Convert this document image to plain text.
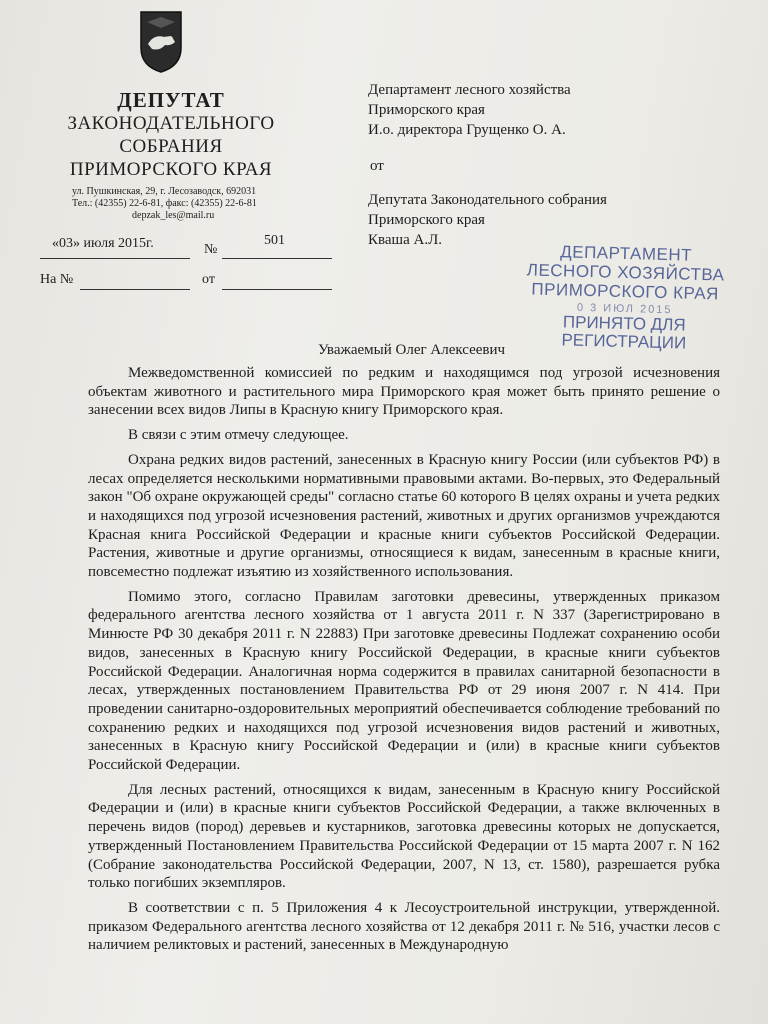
ДЕПУТАТ
ЗАКОНОДАТЕЛЬНОГО
СОБРАНИЯ
ПРИМОРСКОГО КРАЯ
ул. Пушкинская, 29, г. Лесозаводск, 692031
Тел.: (42355) 22-6-81, факс: (42355) 22-6-81
depzak_les@mail.ru
«03» июля 2015г.	№
501
На №	от
Департамент лесного хозяйства
Приморского края
И.о. директора Грущенко О. А.
от
Депутата Законодательного собрания
Приморского края
Кваша А.Л.
ДЕПАРТАМЕНТ
ЛЕСНОГО ХОЗЯЙСТВА
ПРИМОРСКОГО КРАЯ
0 3 ИЮЛ 2015
ПРИНЯТО ДЛЯ
РЕГИСТРАЦИИ
Уважаемый Олег Алексеевич

Межведомственной комиссией по редким и находящимся под угрозой исчезновения объектам животного и растительного мира Приморского края может быть принято решение о занесении всех видов Липы в Красную книгу Приморского края.

В связи с этим отмечу следующее.

Охрана редких видов растений, занесенных в Красную книгу России (или субъектов РФ) в лесах определяется несколькими нормативными правовыми актами. Во-первых, это Федеральный закон "Об охране окружающей среды" согласно статье 60 которого В целях охраны и учета редких и находящихся под угрозой исчезновения растений, животных и других организмов учреждаются Красная книга Российской Федерации и красные книги субъектов Российской Федерации. Растения, животные и другие организмы, относящиеся к видам, занесенным в красные книги, повсеместно подлежат изъятию из хозяйственного использования.

Помимо этого, согласно Правилам заготовки древесины, утвержденных приказом федерального агентства лесного хозяйства от 1 августа 2011 г. N 337 (Зарегистрировано в Минюсте РФ 30 декабря 2011 г. N 22883) При заготовке древесины Подлежат сохранению особи видов, занесенных в Красную книгу Российской Федерации, в красные книги субъектов Российской Федерации. Аналогичная норма содержится в правилах санитарной безопасности в лесах, утвержденных постановлением Правительства РФ от 29 июня 2007 г. N 414. При проведении санитарно-оздоровительных мероприятий обеспечивается соблюдение требований по сохранению редких и находящихся под угрозой исчезновения видов растений и животных, занесенных в Красную книгу Российской Федерации и (или) в красные книги субъектов Российской Федерации.

Для лесных растений, относящихся к видам, занесенным в Красную книгу Российской Федерации и (или) в красные книги субъектов Российской Федерации, а также включенных в перечень видов (пород) деревьев и кустарников, заготовка древесины которых не допускается, утвержденный Постановлением Правительства Российской Федерации от 15 марта 2007 г. N 162 (Собрание законодательства Российской Федерации, 2007, N 13, ст. 1580), разрешается рубка только погибших экземпляров.

В соответствии с п. 5 Приложения 4 к Лесоустроительной инструкции, утвержденной. приказом Федерального агентства лесного хозяйства от 12 декабря 2011 г. № 516, участки лесов с наличием реликтовых и растений, занесенных в Международную
